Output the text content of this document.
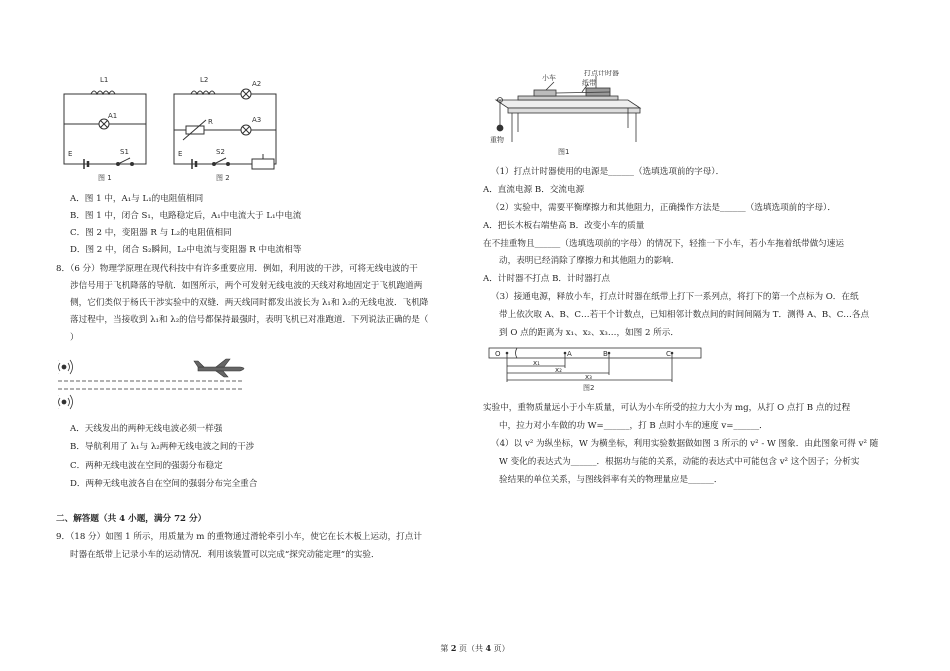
L1
A1
E	S1
图 1
L2	A2
R	A3
E	S2
图 2
A．图 1 中，A₁与 L₁的电阻值相同
B．图 1 中，闭合 S₁，电路稳定后，A₁中电流大于 L₁中电流
C．图 2 中，变阻器 R 与 L₂的电阻值相同
D．图 2 中，闭合 S₂瞬间，L₂中电流与变阻器 R 中电流相等
8．（6 分）物理学原理在现代科技中有许多重要应用．例如，利用波的干涉，可将无线电波的干
涉信号用于飞机降落的导航．如图所示，两个可发射无线电波的天线对称地固定于飞机跑道两
侧，它们类似于杨氏干涉实验中的双缝．两天线同时都发出波长为 λ₁和 λ₂的无线电波．飞机降
落过程中，当接收到 λ₁和 λ₂的信号都保持最强时，表明飞机已对准跑道．下列说法正确的是（
）
A．天线发出的两种无线电波必须一样强
B．导航利用了 λ₁与 λ₂两种无线电波之间的干涉
C．两种无线电波在空间的强弱分布稳定
D．两种无线电波各自在空间的强弱分布完全重合
二、解答题（共 4 小题，满分 72 分）
9．（18 分）如图 1 所示，用质量为 m 的重物通过滑轮牵引小车，使它在长木板上运动，打点计
时器在纸带上记录小车的运动情况．利用该装置可以完成“探究动能定理”的实验．
小车
打点计时器
纸带
重物
图1
（1）打点计时器使用的电源是______（选填选项前的字母）．
A．直流电源 B．交流电源
（2）实验中，需要平衡摩擦力和其他阻力，正确操作方法是______（选填选项前的字母）．
A．把长木板右端垫高 B．改变小车的质量
在不挂重物且______（选填选项前的字母）的情况下，轻推一下小车，若小车拖着纸带做匀速运
动，表明已经消除了摩擦力和其他阻力的影响．
A．计时器不打点 B．计时器打点
（3）接通电源，释放小车，打点计时器在纸带上打下一系列点，将打下的第一个点标为 O．在纸
带上依次取 A、B、C…若干个计数点，已知相邻计数点间的时间间隔为 T．测得 A、B、C…各点
到 O 点的距离为 x₁、x₂、x₃…，如图 2 所示．
O	A	B	C
x₁
x₂
x₃
图2
实验中，重物质量远小于小车质量，可认为小车所受的拉力大小为 mg，从打 O 点打 B 点的过程
中，拉力对小车做的功 W=______，打 B 点时小车的速度 v=______．
（4）以 v² 为纵坐标，W 为横坐标，利用实验数据做如图 3 所示的 v² - W 图象．由此图象可得 v² 随
W 变化的表达式为______．根据功与能的关系，动能的表达式中可能包含 v² 这个因子；分析实
验结果的单位关系，与图线斜率有关的物理量应是______．
第 2 页（共 4 页）
